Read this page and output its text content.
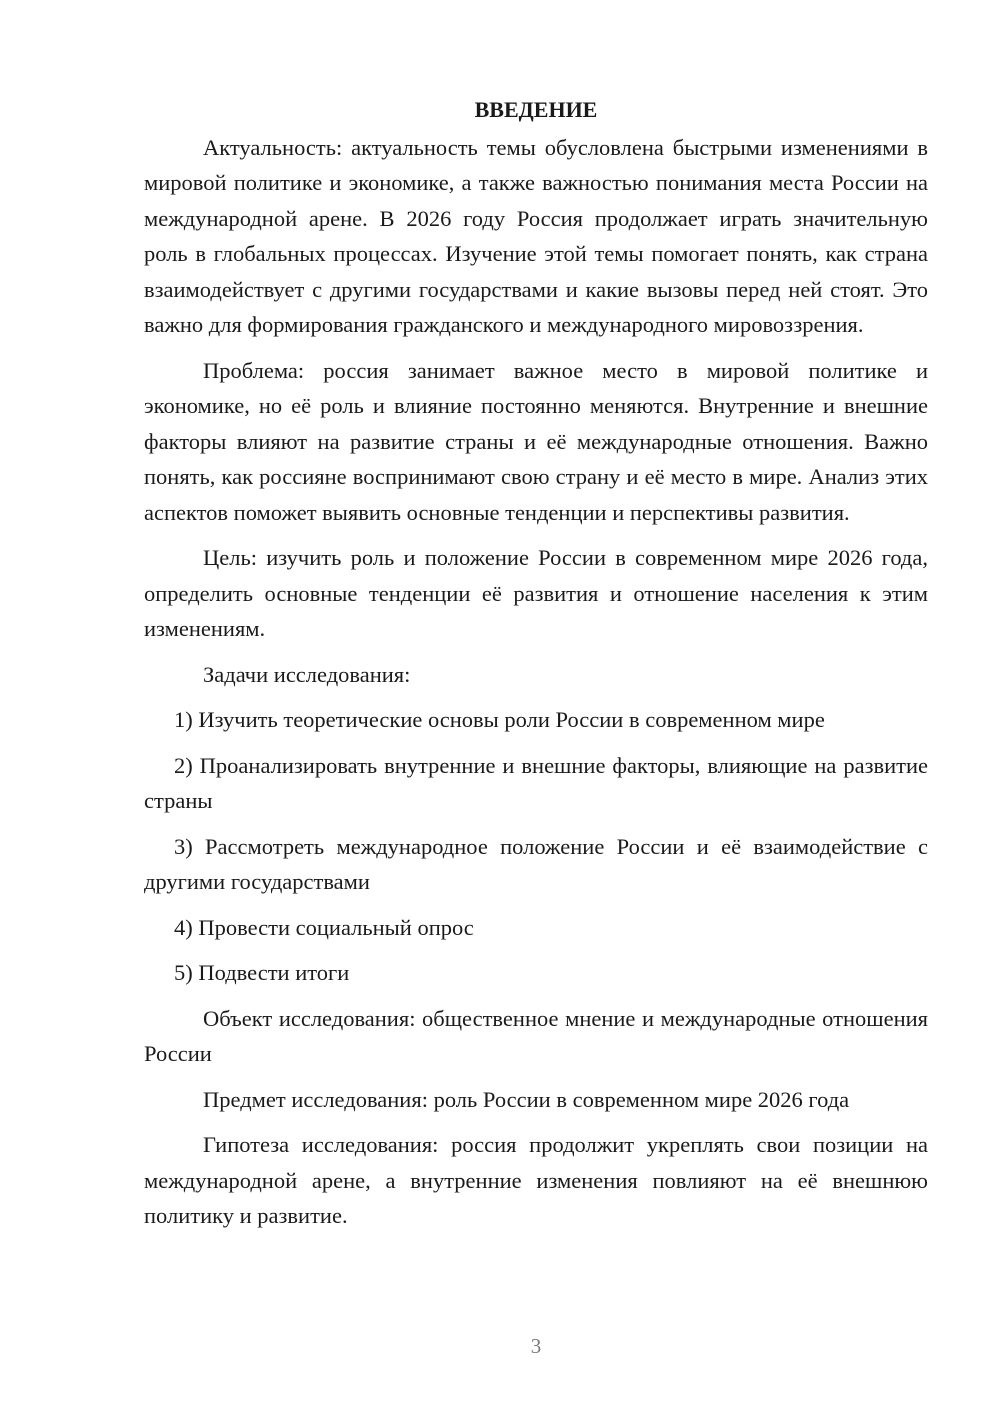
ВВЕДЕНИЕ

Актуальность: актуальность темы обусловлена быстрыми изменениями в мировой политике и экономике, а также важностью понимания места России на международной арене. В 2026 году Россия продолжает играть значительную роль в глобальных процессах. Изучение этой темы помогает понять, как страна взаимодействует с другими государствами и какие вызовы перед ней стоят. Это важно для формирования гражданского и международного мировоззрения.

Проблема: россия занимает важное место в мировой политике и экономике, но её роль и влияние постоянно меняются. Внутренние и внешние факторы влияют на развитие страны и её международные отношения. Важно понять, как россияне воспринимают свою страну и её место в мире. Анализ этих аспектов поможет выявить основные тенденции и перспективы развития.

Цель: изучить роль и положение России в современном мире 2026 года, определить основные тенденции её развития и отношение населения к этим изменениям.

Задачи исследования:

1) Изучить теоретические основы роли России в современном мире

2) Проанализировать внутренние и внешние факторы, влияющие на развитие страны

3) Рассмотреть международное положение России и её взаимодействие с другими государствами

4) Провести социальный опрос

5) Подвести итоги

Объект исследования: общественное мнение и международные отношения России

Предмет исследования: роль России в современном мире 2026 года

Гипотеза исследования: россия продолжит укреплять свои позиции на международной арене, а внутренние изменения повлияют на её внешнюю политику и развитие.

3
